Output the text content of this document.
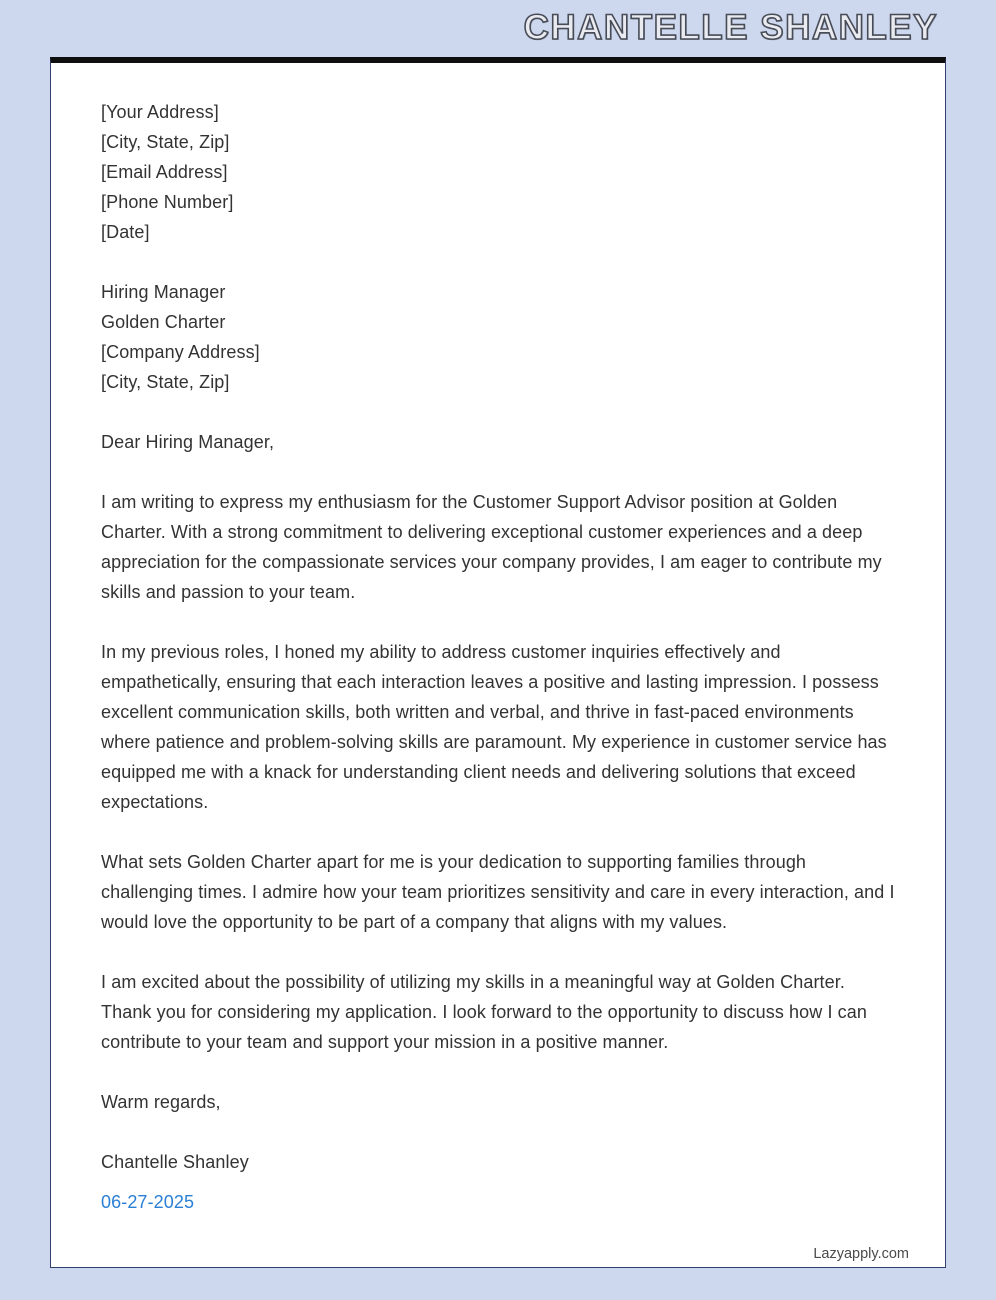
CHANTELLE SHANLEY
[Your Address]
[City, State, Zip]
[Email Address]
[Phone Number]
[Date]
Hiring Manager
Golden Charter
[Company Address]
[City, State, Zip]
Dear Hiring Manager,

I am writing to express my enthusiasm for the Customer Support Advisor position at Golden Charter. With a strong commitment to delivering exceptional customer experiences and a deep appreciation for the compassionate services your company provides, I am eager to contribute my skills and passion to your team.

In my previous roles, I honed my ability to address customer inquiries effectively and empathetically, ensuring that each interaction leaves a positive and lasting impression. I possess excellent communication skills, both written and verbal, and thrive in fast-paced environments where patience and problem-solving skills are paramount. My experience in customer service has equipped me with a knack for understanding client needs and delivering solutions that exceed expectations.

What sets Golden Charter apart for me is your dedication to supporting families through challenging times. I admire how your team prioritizes sensitivity and care in every interaction, and I would love the opportunity to be part of a company that aligns with my values.

I am excited about the possibility of utilizing my skills in a meaningful way at Golden Charter. Thank you for considering my application. I look forward to the opportunity to discuss how I can contribute to your team and support your mission in a positive manner.

Warm regards,
Chantelle Shanley
06-27-2025
Lazyapply.com
